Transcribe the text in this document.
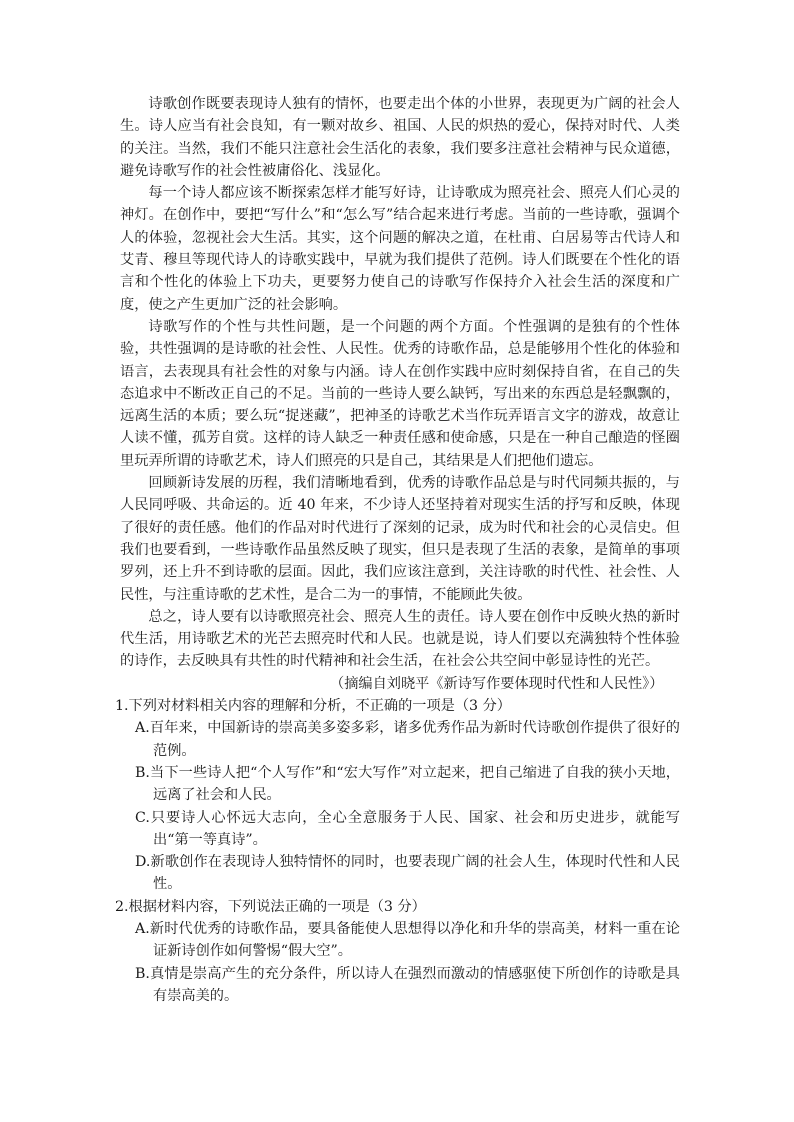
诗歌创作既要表现诗人独有的情怀，也要走出个体的小世界，表现更为广阔的社会人生。诗人应当有社会良知，有一颗对故乡、祖国、人民的炽热的爱心，保持对时代、人类的关注。当然，我们不能只注意社会生活化的表象，我们要多注意社会精神与民众道德，避免诗歌写作的社会性被庸俗化、浅显化。

每一个诗人都应该不断探索怎样才能写好诗，让诗歌成为照亮社会、照亮人们心灵的神灯。在创作中，要把“写什么”和“怎么写”结合起来进行考虑。当前的一些诗歌，强调个人的体验，忽视社会大生活。其实，这个问题的解决之道，在杜甫、白居易等古代诗人和艾青、穆旦等现代诗人的诗歌实践中，早就为我们提供了范例。诗人们既要在个性化的语言和个性化的体验上下功夫，更要努力使自己的诗歌写作保持介入社会生活的深度和广度，使之产生更加广泛的社会影响。

诗歌写作的个性与共性问题，是一个问题的两个方面。个性强调的是独有的个性体验，共性强调的是诗歌的社会性、人民性。优秀的诗歌作品，总是能够用个性化的体验和语言，去表现具有社会性的对象与内涵。诗人在创作实践中应时刻保持自省，在自己的失态追求中不断改正自己的不足。当前的一些诗人要么缺钙，写出来的东西总是轻飘飘的，远离生活的本质；要么玩“捉迷藏”，把神圣的诗歌艺术当作玩弄语言文字的游戏，故意让人读不懂，孤芳自赏。这样的诗人缺乏一种责任感和使命感，只是在一种自己酿造的怪圈里玩弄所谓的诗歌艺术，诗人们照亮的只是自己，其结果是人们把他们遗忘。

回顾新诗发展的历程，我们清晰地看到，优秀的诗歌作品总是与时代同频共振的，与人民同呼吸、共命运的。近 40 年来，不少诗人还坚持着对现实生活的抒写和反映，体现了很好的责任感。他们的作品对时代进行了深刻的记录，成为时代和社会的心灵信史。但我们也要看到，一些诗歌作品虽然反映了现实，但只是表现了生活的表象，是简单的事项罗列，还上升不到诗歌的层面。因此，我们应该注意到，关注诗歌的时代性、社会性、人民性，与注重诗歌的艺术性，是合二为一的事情，不能顾此失彼。

总之，诗人要有以诗歌照亮社会、照亮人生的责任。诗人要在创作中反映火热的新时代生活，用诗歌艺术的光芒去照亮时代和人民。也就是说，诗人们要以充满独特个性体验的诗作，去反映具有共性的时代精神和社会生活，在社会公共空间中彰显诗性的光芒。

（摘编自刘晓平《新诗写作要体现时代性和人民性》）

1.下列对材料相关内容的理解和分析，不正确的一项是（3 分）

A.百年来，中国新诗的崇高美多姿多彩，诸多优秀作品为新时代诗歌创作提供了很好的范例。

B.当下一些诗人把“个人写作”和“宏大写作”对立起来，把自己缩进了自我的狭小天地，远离了社会和人民。

C.只要诗人心怀远大志向，全心全意服务于人民、国家、社会和历史进步，就能写出“第一等真诗”。

D.新歌创作在表现诗人独特情怀的同时，也要表现广阔的社会人生，体现时代性和人民性。

2.根据材料内容，下列说法正确的一项是（3 分）

A.新时代优秀的诗歌作品，要具备能使人思想得以净化和升华的崇高美，材料一重在论证新诗创作如何警惕“假大空”。

B.真情是崇高产生的充分条件，所以诗人在强烈而激动的情感驱使下所创作的诗歌是具有崇高美的。
